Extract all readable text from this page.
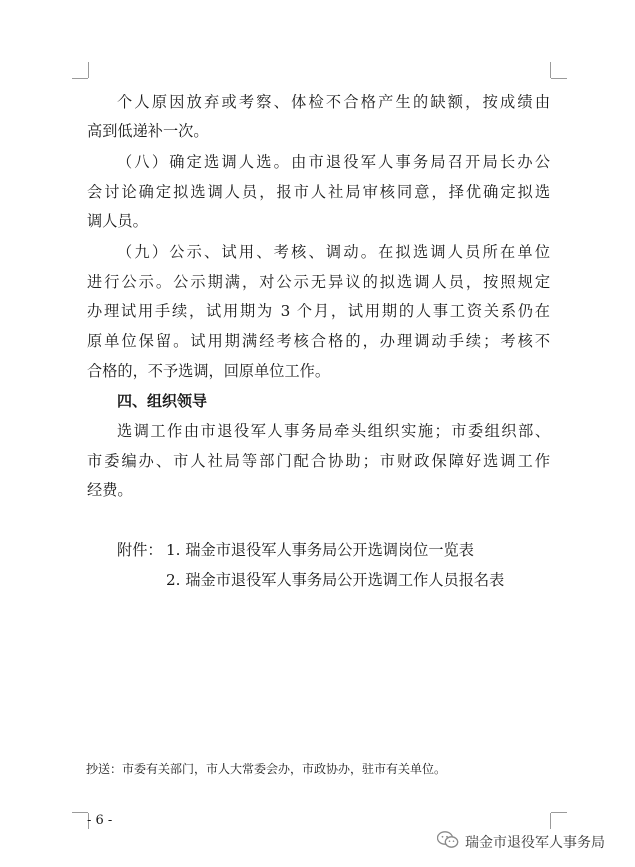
个人原因放弃或考察、体检不合格产生的缺额，按成绩由

高到低递补一次。

（八）确定选调人选。由市退役军人事务局召开局长办公

会讨论确定拟选调人员，报市人社局审核同意，择优确定拟选

调人员。

（九）公示、试用、考核、调动。在拟选调人员所在单位

进行公示。公示期满，对公示无异议的拟选调人员，按照规定

办理试用手续，试用期为 3 个月，试用期的人事工资关系仍在

原单位保留。试用期满经考核合格的，办理调动手续；考核不

合格的，不予选调，回原单位工作。

四、组织领导

选调工作由市退役军人事务局牵头组织实施；市委组织部、

市委编办、市人社局等部门配合协助；市财政保障好选调工作

经费。

附件： 1. 瑞金市退役军人事务局公开选调岗位一览表

2. 瑞金市退役军人事务局公开选调工作人员报名表

抄送：市委有关部门，市人大常委会办，市政协办，驻市有关单位。

- 6 -

瑞金市退役军人事务局
